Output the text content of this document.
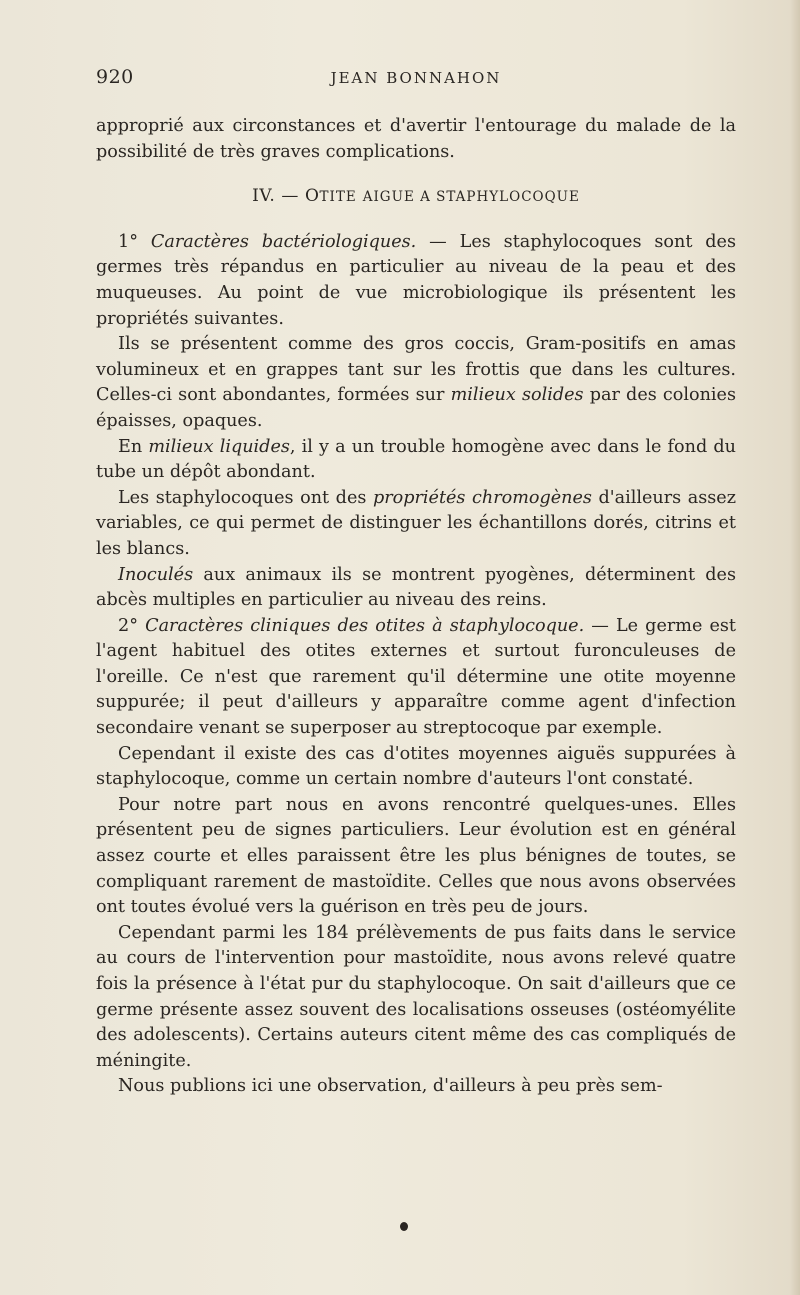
920	JEAN BONNAHON

approprié aux circonstances et d'avertir l'entourage du malade de la possibilité de très graves complications.

IV. — OTITE AIGUE A STAPHYLOCOQUE

1° Caractères bactériologiques. — Les staphylocoques sont des germes très répandus en particulier au niveau de la peau et des muqueuses. Au point de vue microbiologique ils présentent les propriétés suivantes.

Ils se présentent comme des gros coccis, Gram-positifs en amas volumineux et en grappes tant sur les frottis que dans les cultures. Celles-ci sont abondantes, formées sur milieux solides par des colonies épaisses, opaques.

En milieux liquides, il y a un trouble homogène avec dans le fond du tube un dépôt abondant.

Les staphylocoques ont des propriétés chromogènes d'ailleurs assez variables, ce qui permet de distinguer les échantillons dorés, citrins et les blancs.

Inoculés aux animaux ils se montrent pyogènes, déterminent des abcès multiples en particulier au niveau des reins.

2° Caractères cliniques des otites à staphylocoque. — Le germe est l'agent habituel des otites externes et surtout furonculeuses de l'oreille. Ce n'est que rarement qu'il détermine une otite moyenne suppurée; il peut d'ailleurs y apparaître comme agent d'infection secondaire venant se superposer au streptocoque par exemple.

Cependant il existe des cas d'otites moyennes aiguës suppurées à staphylocoque, comme un certain nombre d'auteurs l'ont constaté.

Pour notre part nous en avons rencontré quelques-unes. Elles présentent peu de signes particuliers. Leur évolution est en général assez courte et elles paraissent être les plus bénignes de toutes, se compliquant rarement de mastoïdite. Celles que nous avons observées ont toutes évolué vers la guérison en très peu de jours.

Cependant parmi les 184 prélèvements de pus faits dans le service au cours de l'intervention pour mastoïdite, nous avons relevé quatre fois la présence à l'état pur du staphylocoque. On sait d'ailleurs que ce germe présente assez souvent des localisations osseuses (ostéomyélite des adolescents). Certains auteurs citent même des cas compliqués de méningite.

Nous publions ici une observation, d'ailleurs à peu près sem-
